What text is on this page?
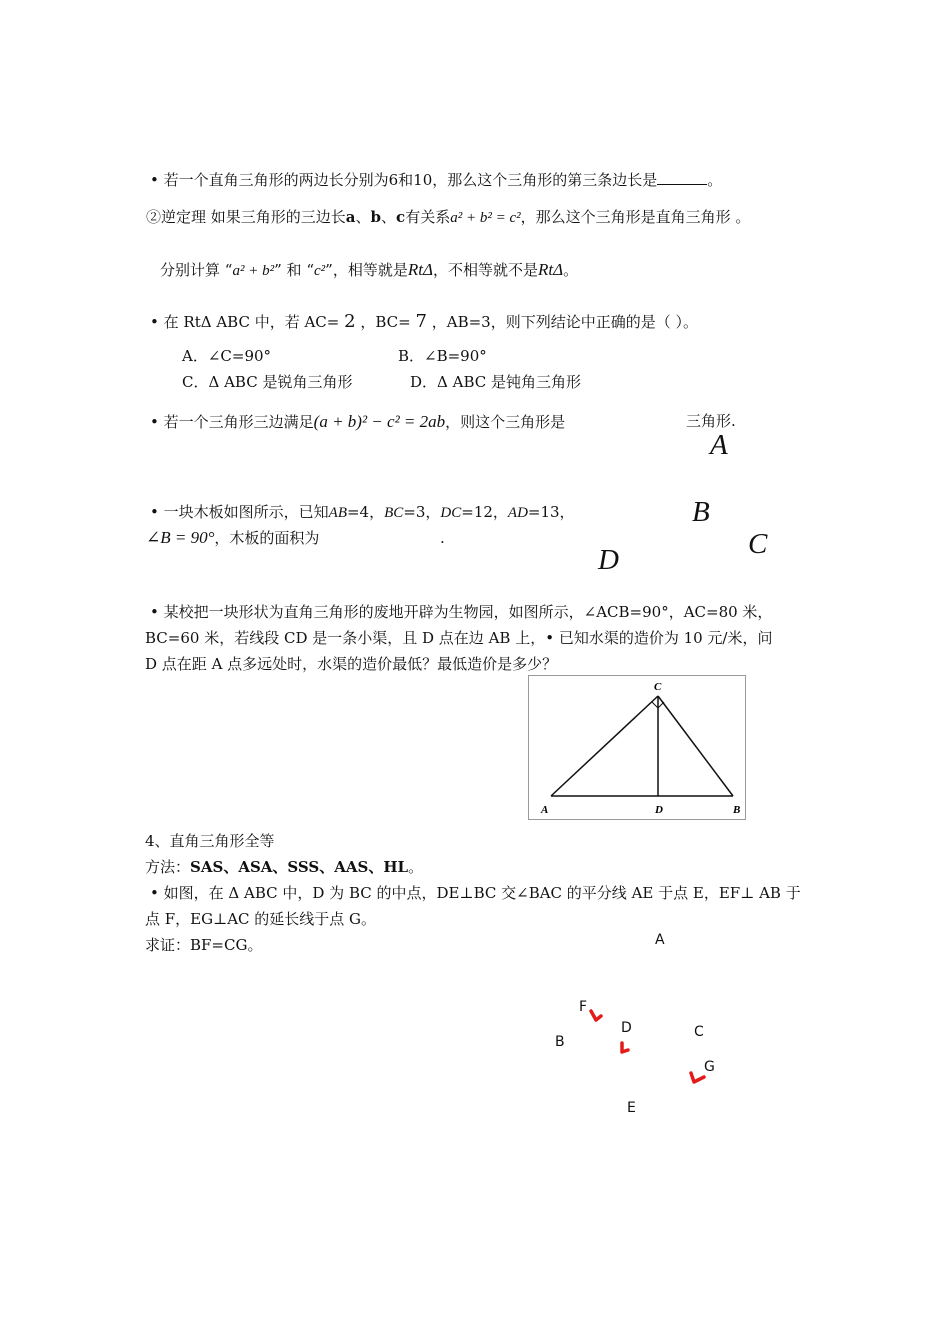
• 若一个直角三角形的两边长分别为6和10，那么这个三角形的第三条边长是	。
②逆定理 如果三角形的三边长a、b、c有关系a² + b² = c²，那么这个三角形是直角三角形 。
分别计算 “a² + b²” 和 “c²”，相等就是RtΔ，不相等就不是RtΔ。
• 在 RtΔ ABC 中，若 AC= 2 ，BC= 7 ，AB=3，则下列结论中正确的是（ ）。
A．∠C=90°	B．∠B=90°
C．Δ ABC 是锐角三角形	D．Δ ABC 是钝角三角形
• 若一个三角形三边满足(a + b)² − c² = 2ab，则这个三角形是	三角形.
A
• 一块木板如图所示，已知AB=4，BC=3，DC=12，AD=13，
∠B = 90°，木板的面积为	.
B
C
D
• 某校把一块形状为直角三角形的废地开辟为生物园，如图所示，∠ACB=90°，AC=80 米，
BC=60 米，若线段 CD 是一条小渠，且 D 点在边 AB 上，• 已知水渠的造价为 10 元/米，问
D 点在距 A 点多远处时，水渠的造价最低？最低造价是多少？
C
A	D	B
4、直角三角形全等
方法：SAS、ASA、SSS、AAS、HL。
• 如图，在 Δ ABC 中，D 为 BC 的中点，DE⊥BC 交∠BAC 的平分线 AE 于点 E，EF⊥ AB 于
点 F，EG⊥AC 的延长线于点 G。
求证：BF=CG。	A
F
D	C
B
G
E
